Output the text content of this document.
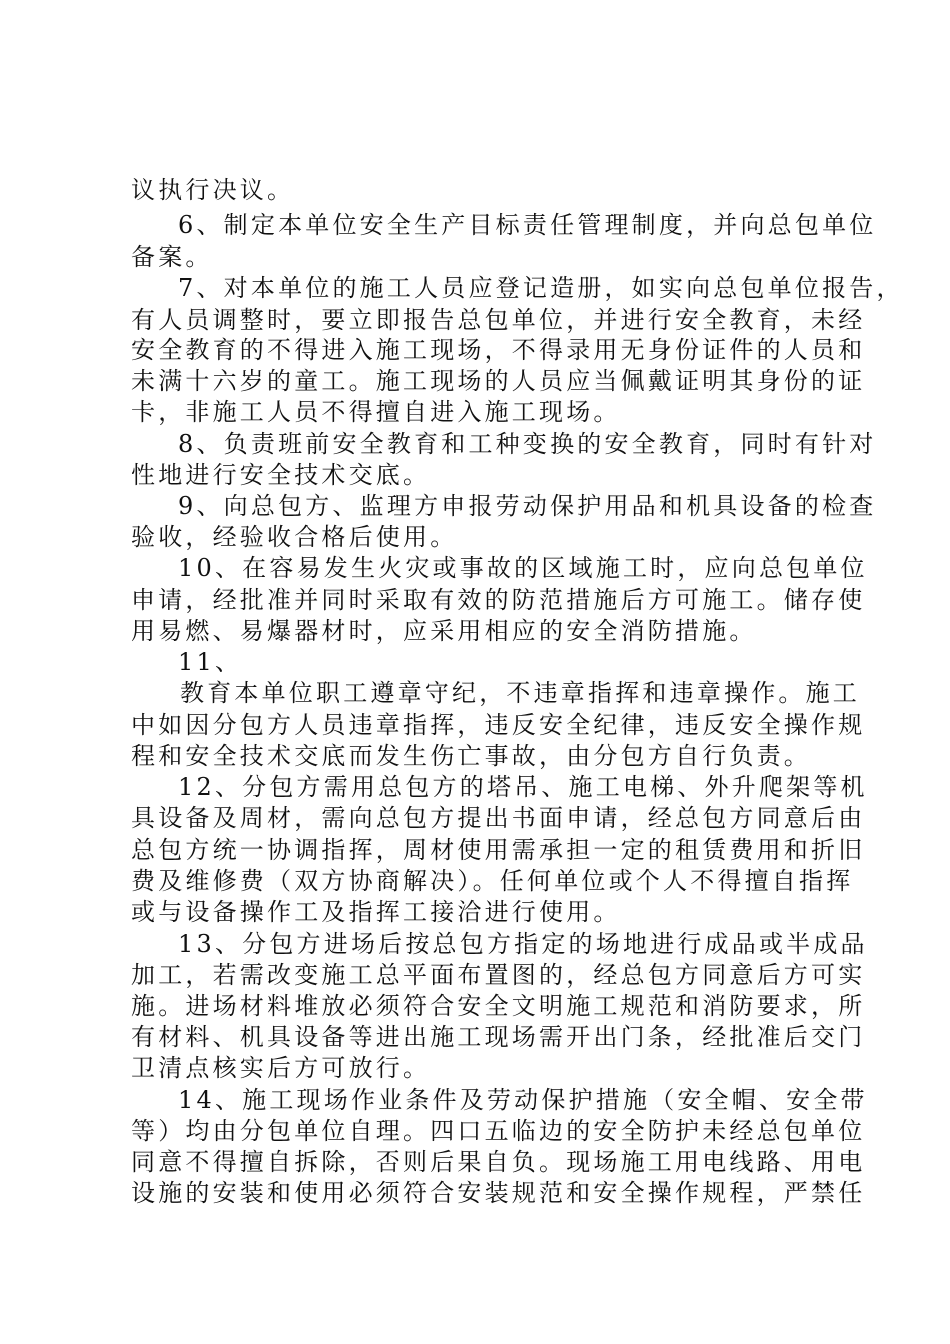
议执行决议。
6、制定本单位安全生产目标责任管理制度，并向总包单位
备案。
7、对本单位的施工人员应登记造册，如实向总包单位报告，
有人员调整时，要立即报告总包单位，并进行安全教育，未经
安全教育的不得进入施工现场，不得录用无身份证件的人员和
未满十六岁的童工。施工现场的人员应当佩戴证明其身份的证
卡，非施工人员不得擅自进入施工现场。
8、负责班前安全教育和工种变换的安全教育，同时有针对
性地进行安全技术交底。
9、向总包方、监理方申报劳动保护用品和机具设备的检查
验收，经验收合格后使用。
10、在容易发生火灾或事故的区域施工时，应向总包单位
申请，经批准并同时采取有效的防范措施后方可施工。储存使
用易燃、易爆器材时，应采用相应的安全消防措施。
11、
教育本单位职工遵章守纪，不违章指挥和违章操作。施工
中如因分包方人员违章指挥，违反安全纪律，违反安全操作规
程和安全技术交底而发生伤亡事故，由分包方自行负责。
12、分包方需用总包方的塔吊、施工电梯、外升爬架等机
具设备及周材，需向总包方提出书面申请，经总包方同意后由
总包方统一协调指挥，周材使用需承担一定的租赁费用和折旧
费及维修费（双方协商解决）。任何单位或个人不得擅自指挥
或与设备操作工及指挥工接洽进行使用。
13、分包方进场后按总包方指定的场地进行成品或半成品
加工，若需改变施工总平面布置图的，经总包方同意后方可实
施。进场材料堆放必须符合安全文明施工规范和消防要求，所
有材料、机具设备等进出施工现场需开出门条，经批准后交门
卫清点核实后方可放行。
14、施工现场作业条件及劳动保护措施（安全帽、安全带
等）均由分包单位自理。四口五临边的安全防护未经总包单位
同意不得擅自拆除，否则后果自负。现场施工用电线路、用电
设施的安装和使用必须符合安装规范和安全操作规程，严禁任
